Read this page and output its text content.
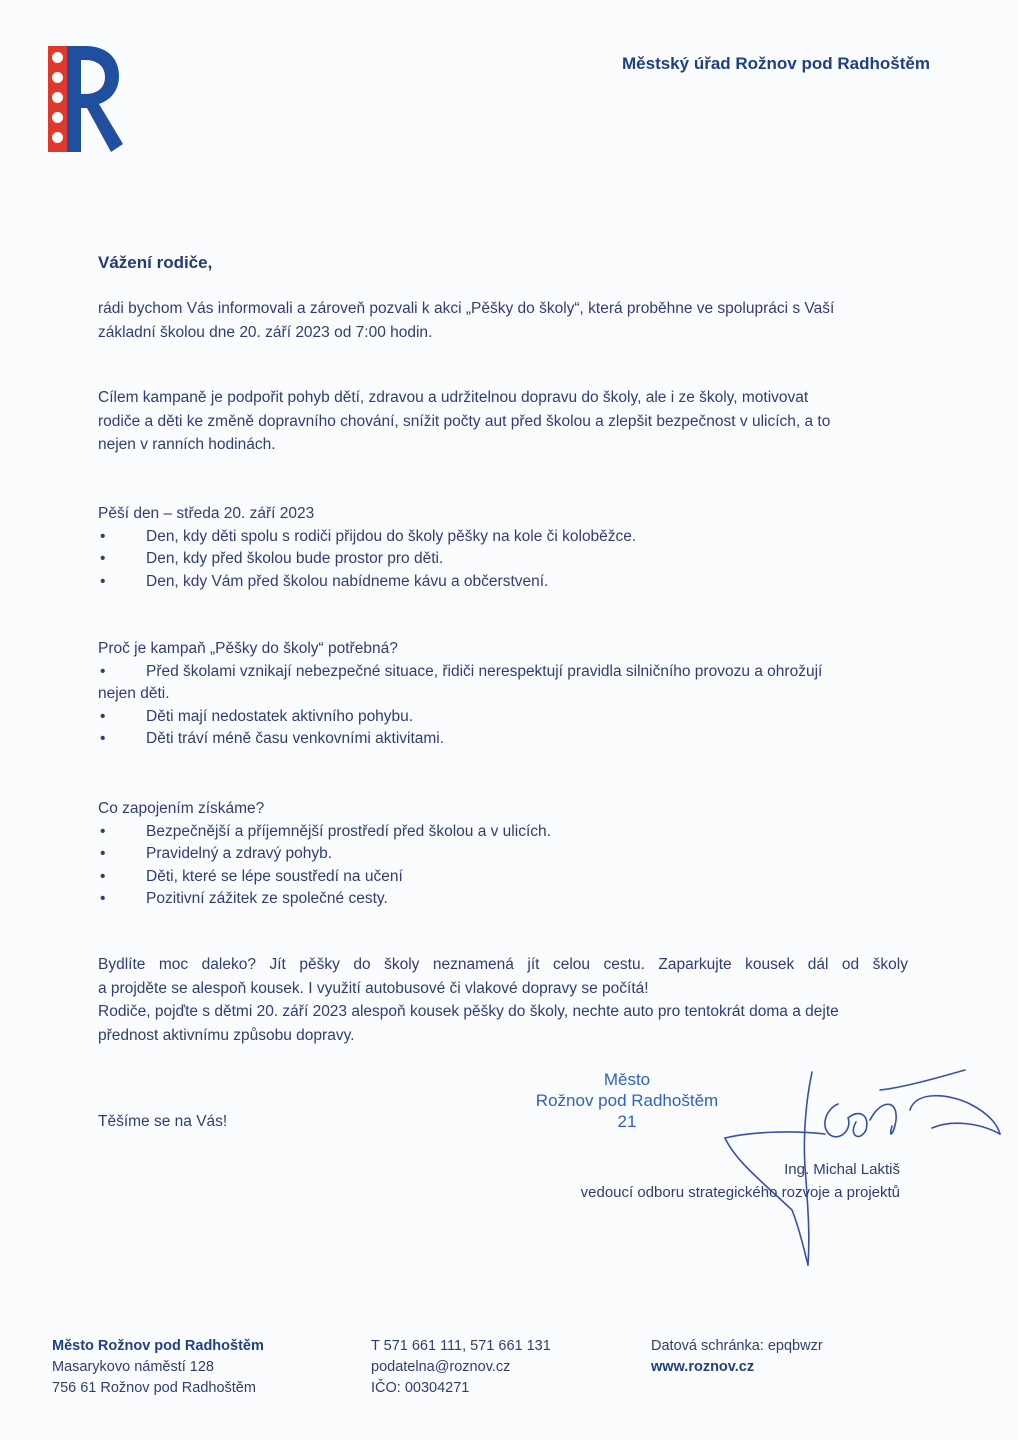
Městský úřad Rožnov pod Radhoštěm
Vážení rodiče,
rádi bychom Vás informovali a zároveň pozvali k akci „Pěšky do školy“, která proběhne ve spolupráci s Vaší
základní školou dne 20. září 2023 od 7:00 hodin.
Cílem kampaně je podpořit pohyb dětí, zdravou a udržitelnou dopravu do školy, ale i ze školy, motivovat
rodiče a děti ke změně dopravního chování, snížit počty aut před školou a zlepšit bezpečnost v ulicích, a to
nejen v ranních hodinách.
Pěší den – středa 20. září 2023
•	Den, kdy děti spolu s rodiči přijdou do školy pěšky na kole či koloběžce.
•	Den, kdy před školou bude prostor pro děti.
•	Den, kdy Vám před školou nabídneme kávu a občerstvení.
Proč je kampaň „Pěšky do školy“ potřebná?
•	Před školami vznikají nebezpečné situace, řidiči nerespektují pravidla silničního provozu a ohrožují
nejen děti.
•	Děti mají nedostatek aktivního pohybu.
•	Děti tráví méně času venkovními aktivitami.
Co zapojením získáme?
•	Bezpečnější a příjemnější prostředí před školou a v ulicích.
•	Pravidelný a zdravý pohyb.
•	Děti, které se lépe soustředí na učení
•	Pozitivní zážitek ze společné cesty.
Bydlíte moc daleko? Jít pěšky do školy neznamená jít celou cestu. Zaparkujte kousek dál od školy
a projděte se alespoň kousek. I využití autobusové či vlakové dopravy se počítá!
Rodiče, pojďte s dětmi 20. září 2023 alespoň kousek pěšky do školy, nechte auto pro tentokrát doma a dejte
přednost aktivnímu způsobu dopravy.
Těšíme se na Vás!
Město
Rožnov pod Radhoštěm
21
Ing. Michal Laktiš
vedoucí odboru strategického rozvoje a projektů
Město Rožnov pod Radhoštěm
Masarykovo náměstí 128
756 61 Rožnov pod Radhoštěm
T 571 661 111, 571 661 131
podatelna@roznov.cz
IČO: 00304271
Datová schránka: epqbwzr
www.roznov.cz
